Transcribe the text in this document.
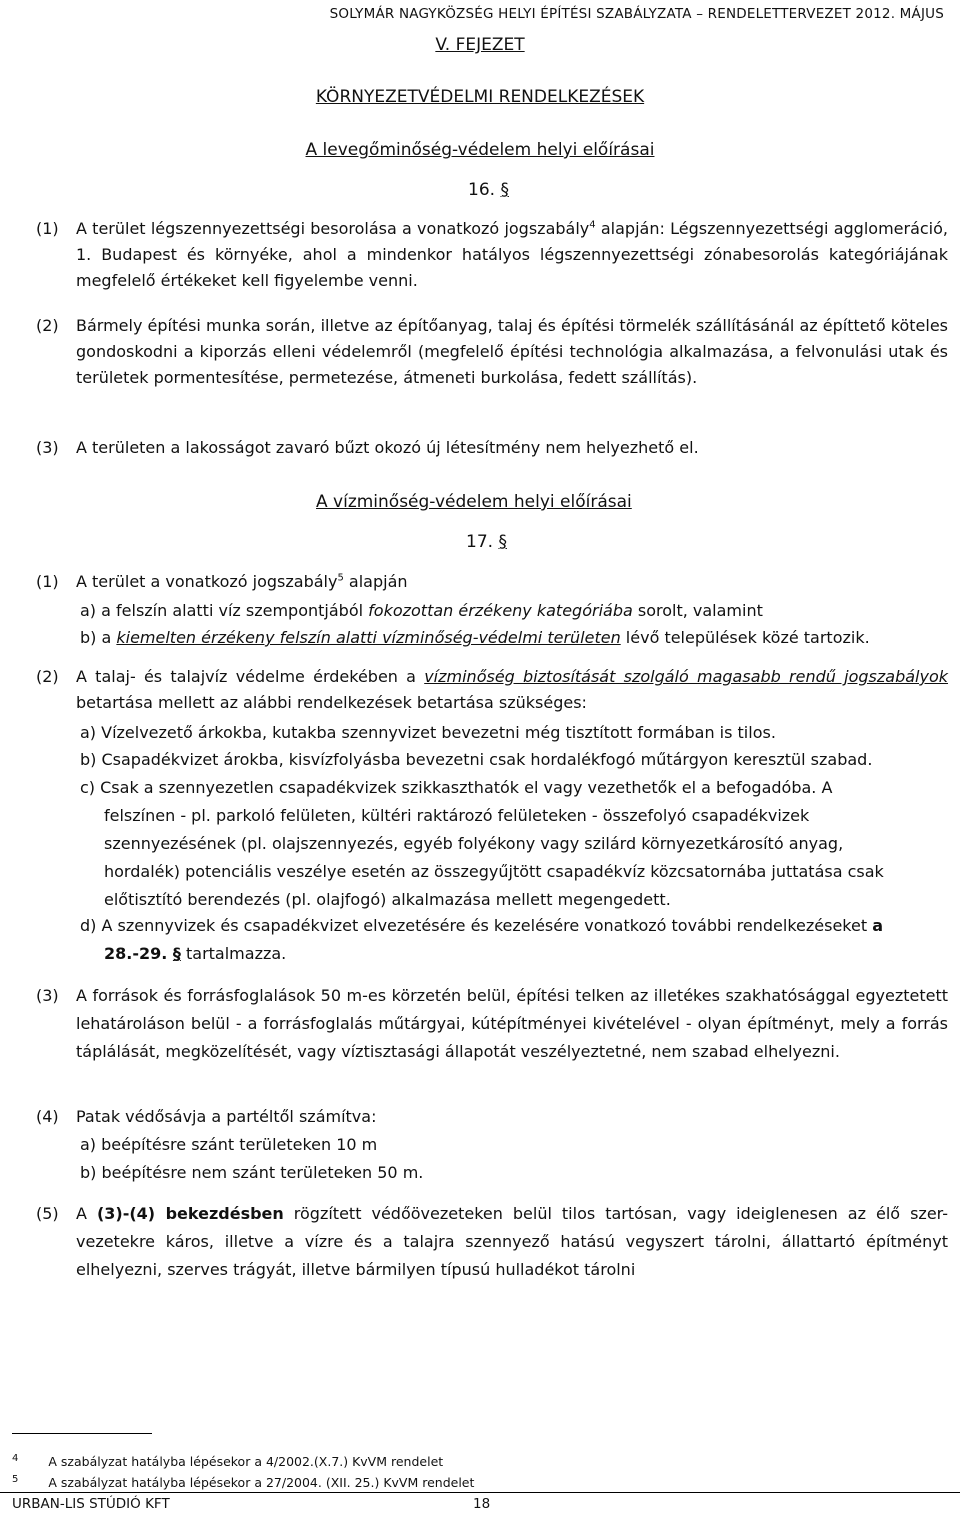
SOLYMÁR NAGYKÖZSÉG HELYI ÉPÍTÉSI SZABÁLYZATA – RENDELETTERVEZET 2012. MÁJUS
V. FEJEZET
KÖRNYEZETVÉDELMI RENDELKEZÉSEK
A levegőminőség-védelem helyi előírásai
16. §
(1) A terület légszennyezettségi besorolása a vonatkozó jogszabály$^4$ alapján: Légszennyezettségi agglomeráció, 1. Budapest és környéke, ahol a mindenkor hatályos légszennyezettségi zónabesorolás kategóriájának megfelelő értékeket kell figyelembe venni.
(2) Bármely építési munka során, illetve az építőanyag, talaj és építési törmelék szállításánál az építtető köteles gondoskodni a kiporzás elleni védelemről (megfelelő építési technológia alkalmazása, a felvonulási utak és területek pormentesítése, permetezése, átmeneti burkolása, fedett szállítás).
(3) A területen a lakosságot zavaró bűzt okozó új létesítmény nem helyezhető el.
A vízminőség-védelem helyi előírásai
17. §
(1) A terület a vonatkozó jogszabály$^5$ alapján
a) a felszín alatti víz szempontjából fokozottan érzékeny kategóriába sorolt, valamint
b) a kiemelten érzékeny felszín alatti vízminőség-védelmi területen lévő települések közé tartozik.
(2) A talaj- és talajvíz védelme érdekében a vízminőség biztosítását szolgáló magasabb rendű jogszabályok betartása mellett az alábbi rendelkezések betartása szükséges:
a) Vízelvezető árkokba, kutakba szennyvizet bevezetni még tisztított formában is tilos.
b) Csapadékvizet árokba, kisvízfolyásba bevezetni csak hordalékfogó műtárgyon keresztül szabad.
c) Csak a szennyezetlen csapadékvizek szikkaszthatók el vagy vezethetők el a befogadóba. A felszínen - pl. parkoló felületen, kültéri raktározó felületeken - összefolyó csapadékvizek szennyezésének (pl. olajszennyezés, egyéb folyékony vagy szilárd környezetkárosító anyag, hordalék) potenciális veszélye esetén az összegyűjtött csapadékvíz közcsatornába juttatása csak előtisztító berendezés (pl. olajfogó) alkalmazása mellett megengedett.
d) A szennyvizek és csapadékvizet elvezetésére és kezelésére vonatkozó további rendelkezéseket a 28.-29. § tartalmazza.
(3) A források és forrásfoglalások 50 m-es körzetén belül, építési telken az illetékes szakhatósággal egyeztetett lehatároláson belül - a forrásfoglalás műtárgyai, kútépítményei kivételével - olyan építményt, mely a forrás táplálását, megközelítését, vagy víztisztasági állapotát veszélyeztetné, nem szabad elhelyezni.
(4) Patak védősávja a partéltől számítva:
a) beépítésre szánt területeken 10 m
b) beépítésre nem szánt területeken 50 m.
(5) A (3)-(4) bekezdésben rögzített védőövezeteken belül tilos tartósan, vagy ideiglenesen az élő szer-vezetekre káros, illetve a vízre és a talajra szennyező hatású vegyszert tárolni, állattartó építményt elhelyezni, szerves trágyát, illetve bármilyen típusú hulladékot tárolni
$^4$ A szabályzat hatályba lépésekor a 4/2002.(X.7.) KvVM rendelet
$^5$ A szabályzat hatályba lépésekor a 27/2004. (XII. 25.) KvVM rendelet
URBAN-LIS STÚDIÓ KFT	18
